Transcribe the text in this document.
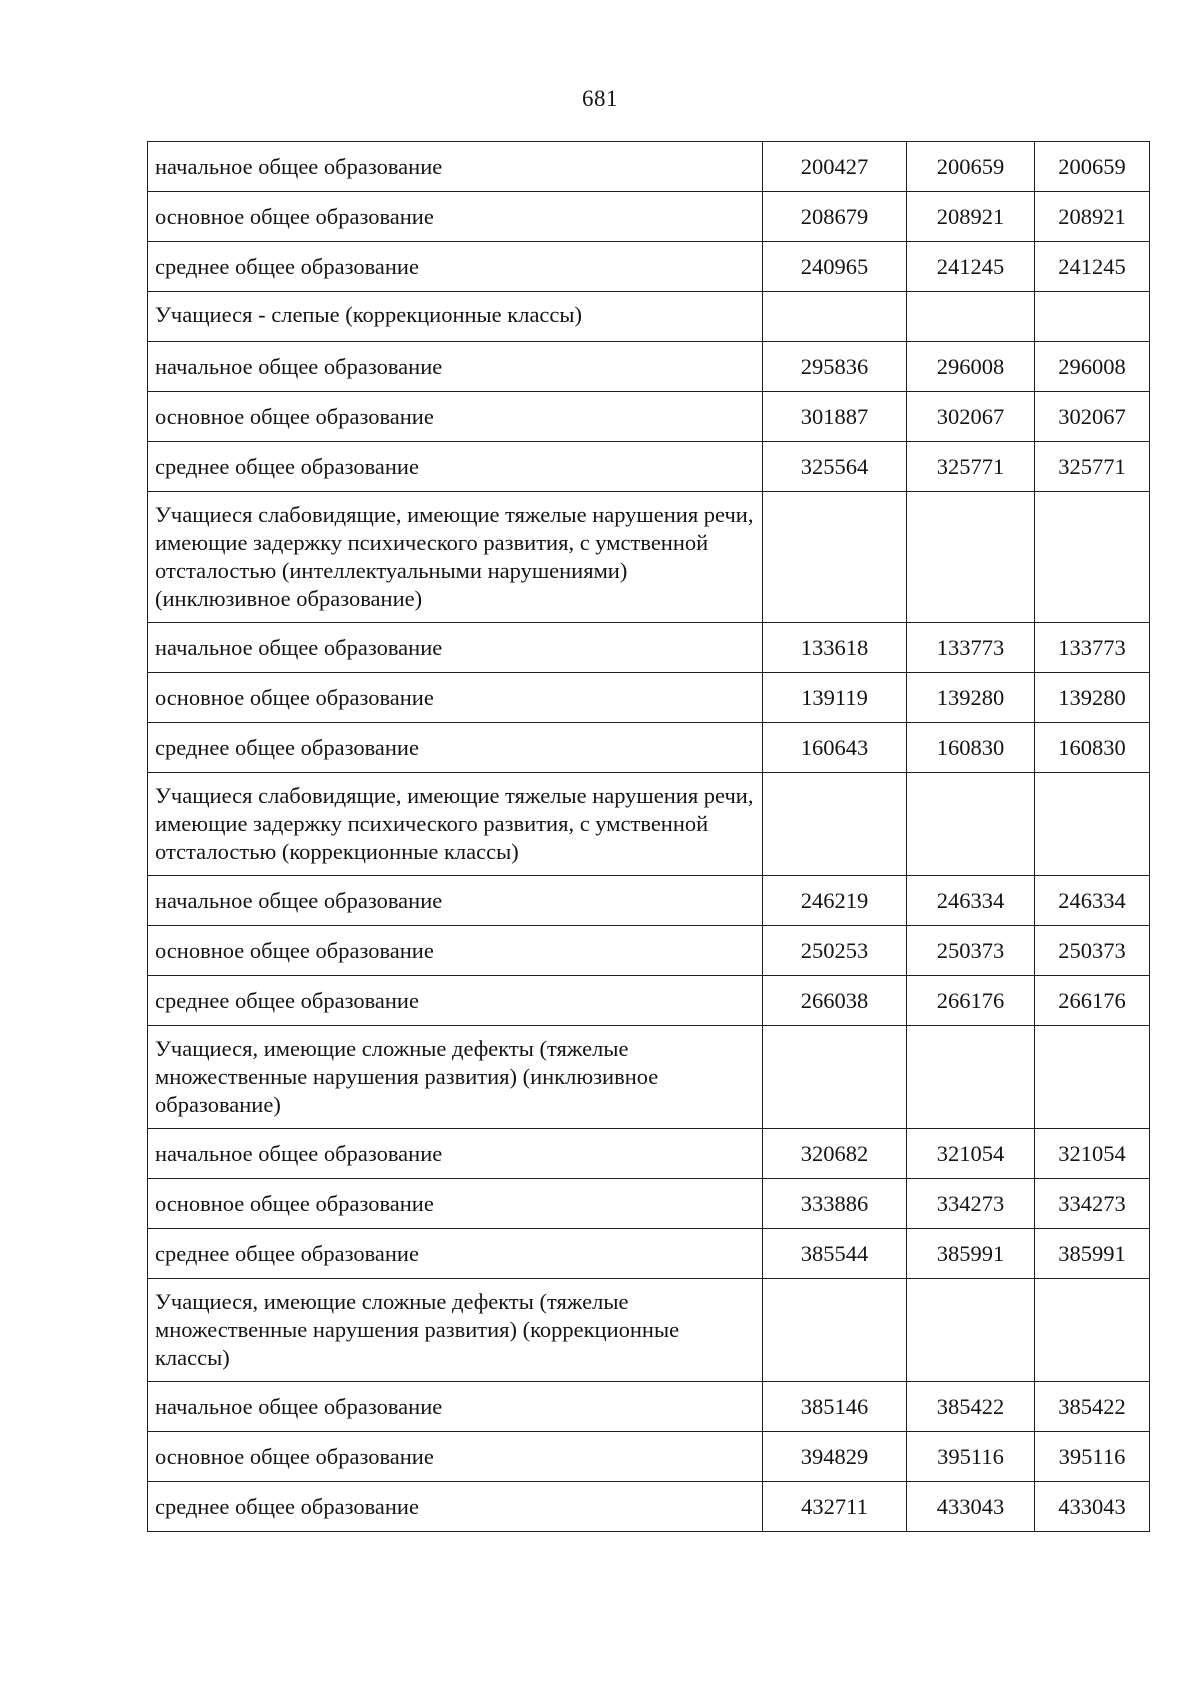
681
начальное общее образование	200427	200659	200659
основное общее образование	208679	208921	208921
среднее общее образование	240965	241245	241245
Учащиеся - слепые (коррекционные классы)			
начальное общее образование	295836	296008	296008
основное общее образование	301887	302067	302067
среднее общее образование	325564	325771	325771
Учащиеся слабовидящие, имеющие тяжелые нарушения речи, имеющие задержку психического развития, с умственной отсталостью (интеллектуальными нарушениями) (инклюзивное образование)			
начальное общее образование	133618	133773	133773
основное общее образование	139119	139280	139280
среднее общее образование	160643	160830	160830
Учащиеся слабовидящие, имеющие тяжелые нарушения речи, имеющие задержку психического развития, с умственной отсталостью (коррекционные классы)			
начальное общее образование	246219	246334	246334
основное общее образование	250253	250373	250373
среднее общее образование	266038	266176	266176
Учащиеся, имеющие сложные дефекты (тяжелые множественные нарушения развития) (инклюзивное образование)			
начальное общее образование	320682	321054	321054
основное общее образование	333886	334273	334273
среднее общее образование	385544	385991	385991
Учащиеся, имеющие сложные дефекты (тяжелые множественные нарушения развития) (коррекционные классы)			
начальное общее образование	385146	385422	385422
основное общее образование	394829	395116	395116
среднее общее образование	432711	433043	433043
